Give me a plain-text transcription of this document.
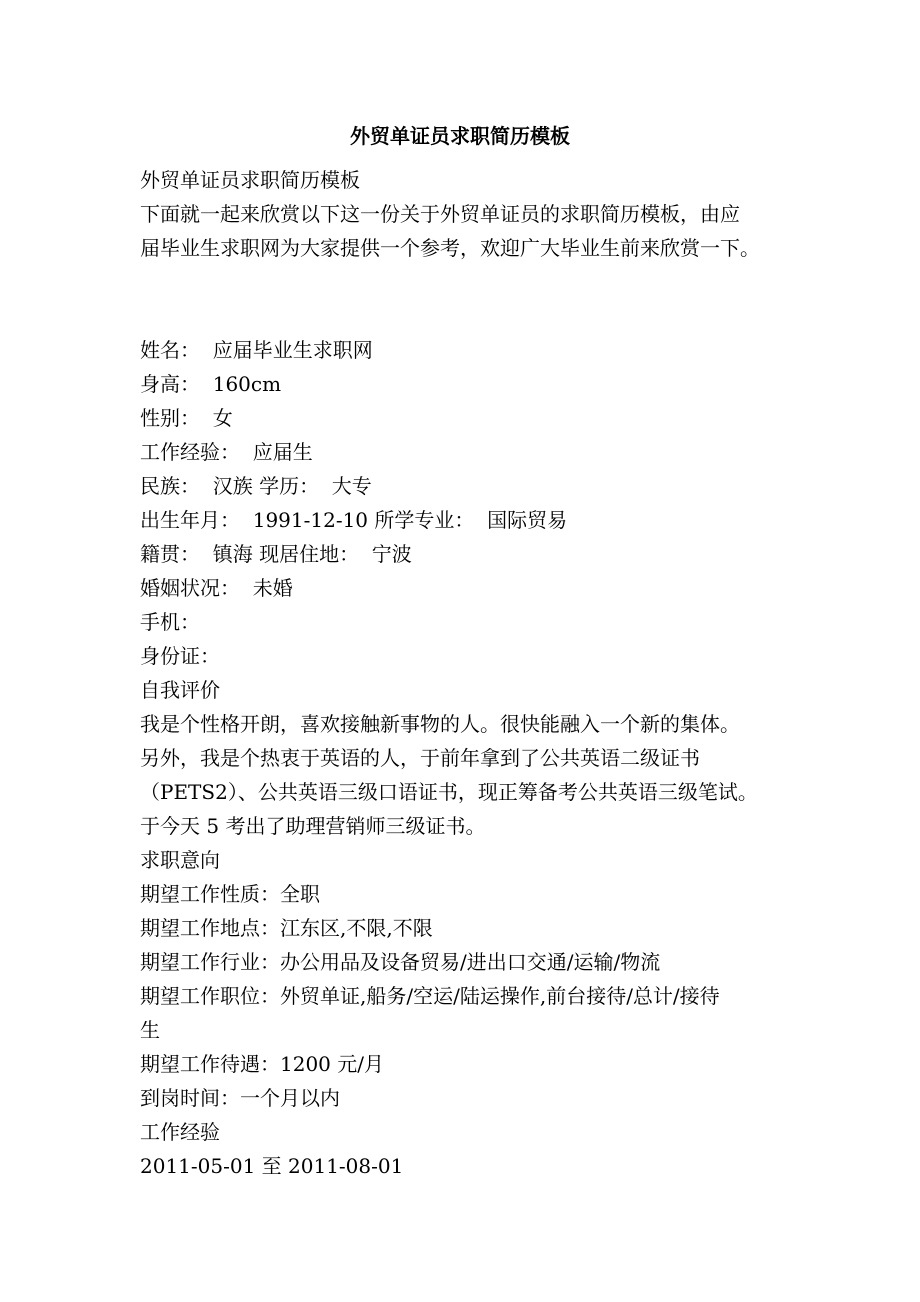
外贸单证员求职简历模板

外贸单证员求职简历模板

下面就一起来欣赏以下这一份关于外贸单证员的求职简历模板，由应

届毕业生求职网为大家提供一个参考，欢迎广大毕业生前来欣赏一下。

姓名：  应届毕业生求职网

身高：  160cm

性别：  女

工作经验：  应届生

民族：  汉族 学历：  大专

出生年月：  1991-12-10 所学专业：  国际贸易

籍贯：  镇海 现居住地：  宁波

婚姻状况：  未婚

手机：

身份证：

自我评价

我是个性格开朗，喜欢接触新事物的人。很快能融入一个新的集体。

另外，我是个热衷于英语的人，于前年拿到了公共英语二级证书

（PETS2）、公共英语三级口语证书，现正筹备考公共英语三级笔试。

于今天 5 考出了助理营销师三级证书。

求职意向

期望工作性质：全职

期望工作地点：江东区,不限,不限

期望工作行业：办公用品及设备贸易/进出口交通/运输/物流

期望工作职位：外贸单证,船务/空运/陆运操作,前台接待/总计/接待

生

期望工作待遇：1200 元/月

到岗时间：一个月以内

工作经验

2011-05-01 至 2011-08-01
